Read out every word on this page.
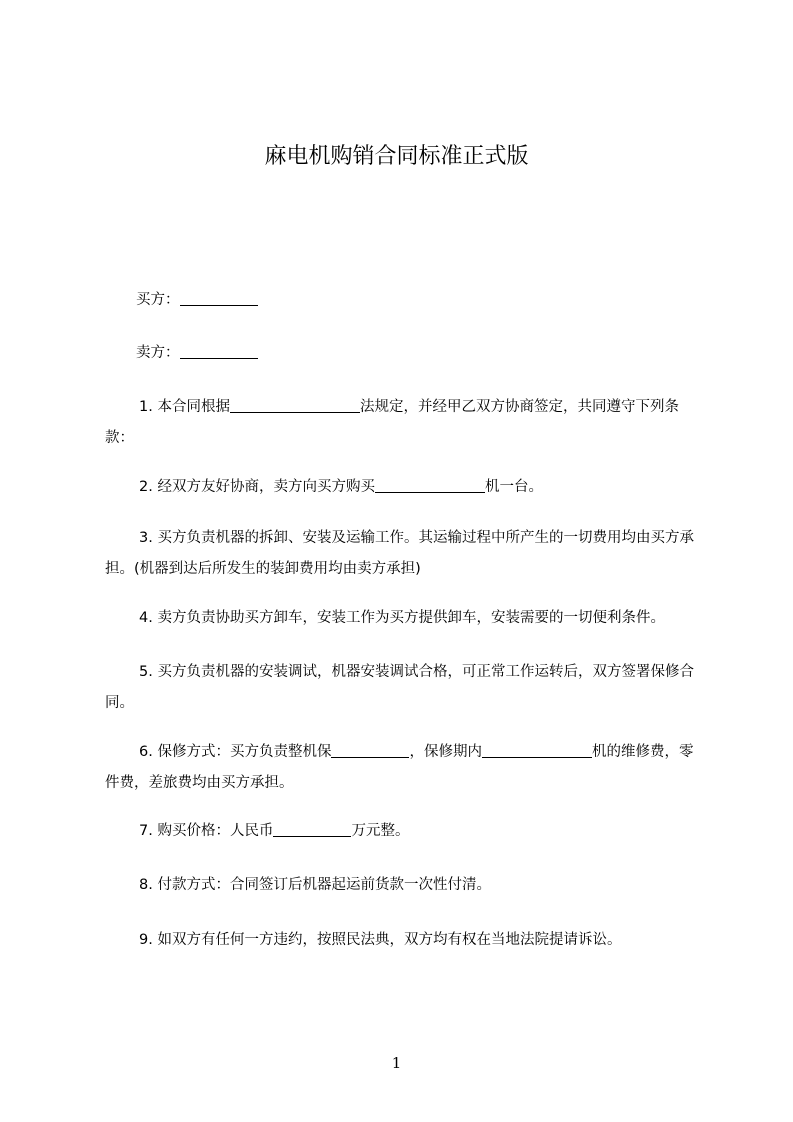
麻电机购销合同标准正式版
买方：
卖方：
1. 本合同根据	法规定，并经甲乙双方协商签定，共同遵守下列条款：
2. 经双方友好协商，卖方向买方购买	机一台。
3. 买方负责机器的拆卸、安装及运输工作。其运输过程中所产生的一切费用均由买方承担。(机器到达后所发生的装卸费用均由卖方承担)
4. 卖方负责协助买方卸车，安装工作为买方提供卸车，安装需要的一切便利条件。
5. 买方负责机器的安装调试，机器安装调试合格，可正常工作运转后，双方签署保修合同。
6. 保修方式：买方负责整机保	，保修期内	机的维修费，零件费，差旅费均由买方承担。
7. 购买价格：人民币	万元整。
8. 付款方式：合同签订后机器起运前货款一次性付清。
9. 如双方有任何一方违约，按照民法典，双方均有权在当地法院提请诉讼。
1
